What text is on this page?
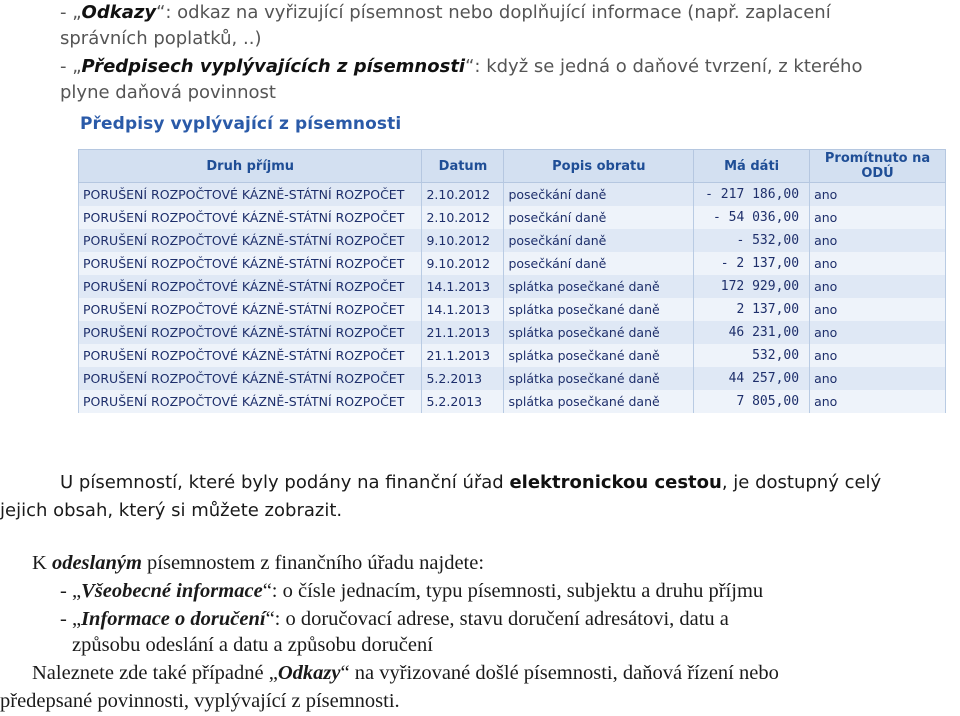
- „Odkazy“: odkaz na vyřizující písemnost nebo doplňující informace (např. zaplacení
správních poplatků, ..)
- „Předpisech vyplývajících z písemnosti“: když se jedná o daňové tvrzení, z kterého
plyne daňová povinnost
Předpisy vyplývající z písemnosti
Druh příjmu	Datum	Popis obratu	Má dáti	Promítnuto na ODÚ
PORUŠENÍ ROZPOČTOVÉ KÁZNĚ-STÁTNÍ ROZPOČET	2.10.2012	posečkání daně	- 217 186,00	ano
PORUŠENÍ ROZPOČTOVÉ KÁZNĚ-STÁTNÍ ROZPOČET	2.10.2012	posečkání daně	- 54 036,00	ano
PORUŠENÍ ROZPOČTOVÉ KÁZNĚ-STÁTNÍ ROZPOČET	9.10.2012	posečkání daně	- 532,00	ano
PORUŠENÍ ROZPOČTOVÉ KÁZNĚ-STÁTNÍ ROZPOČET	9.10.2012	posečkání daně	- 2 137,00	ano
PORUŠENÍ ROZPOČTOVÉ KÁZNĚ-STÁTNÍ ROZPOČET	14.1.2013	splátka posečkané daně	172 929,00	ano
PORUŠENÍ ROZPOČTOVÉ KÁZNĚ-STÁTNÍ ROZPOČET	14.1.2013	splátka posečkané daně	2 137,00	ano
PORUŠENÍ ROZPOČTOVÉ KÁZNĚ-STÁTNÍ ROZPOČET	21.1.2013	splátka posečkané daně	46 231,00	ano
PORUŠENÍ ROZPOČTOVÉ KÁZNĚ-STÁTNÍ ROZPOČET	21.1.2013	splátka posečkané daně	532,00	ano
PORUŠENÍ ROZPOČTOVÉ KÁZNĚ-STÁTNÍ ROZPOČET	5.2.2013	splátka posečkané daně	44 257,00	ano
PORUŠENÍ ROZPOČTOVÉ KÁZNĚ-STÁTNÍ ROZPOČET	5.2.2013	splátka posečkané daně	7 805,00	ano
U písemností, které byly podány na finanční úřad elektronickou cestou, je dostupný celý
jejich obsah, který si můžete zobrazit.
K odeslaným písemnostem z finančního úřadu najdete:
- „Všeobecné informace“: o čísle jednacím, typu písemnosti, subjektu a druhu příjmu
- „Informace o doručení“: o doručovací adrese, stavu doručení adresátovi, datu a
způsobu odeslání a datu a způsobu doručení
Naleznete zde také případné „Odkazy“ na vyřizované došlé písemnosti, daňová řízení nebo
předepsané povinnosti, vyplývající z písemnosti.
